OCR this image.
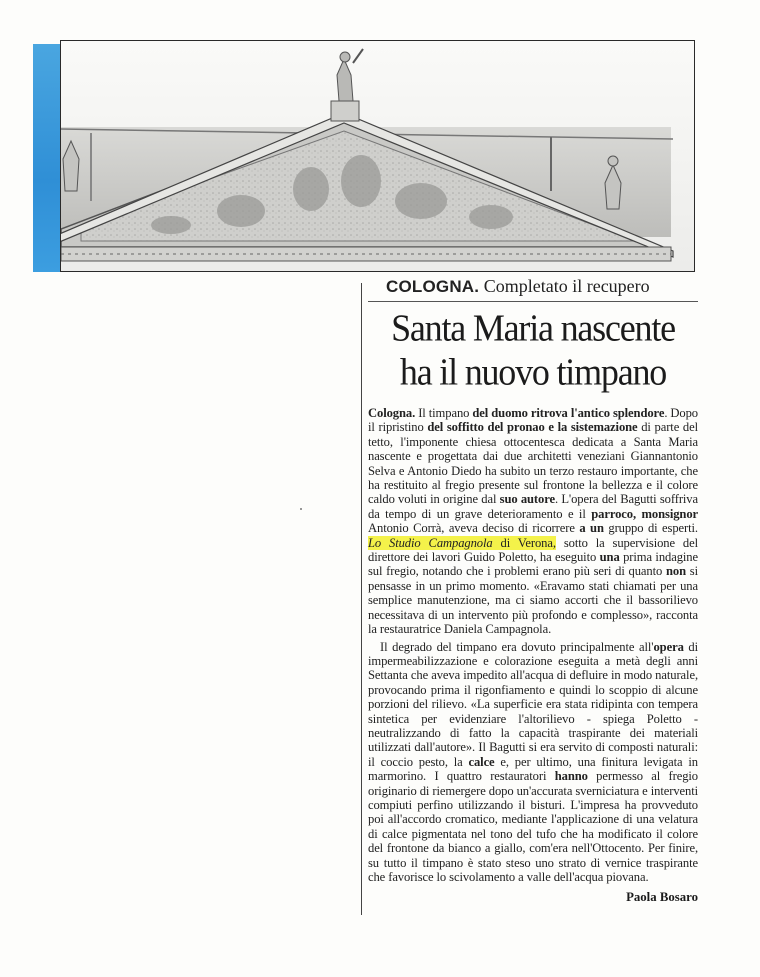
COLOGNA. Completato il recupero
Santa Maria nascente
ha il nuovo timpano

Cologna. Il timpano del duomo ritrova l'antico splendore. Dopo il ripristino del soffitto del pronao e la sistemazione di parte del tetto, l'imponente chiesa ottocentesca dedicata a Santa Maria nascente e progettata dai due architetti veneziani Giannantonio Selva e Antonio Diedo ha subito un terzo restauro importante, che ha restituito al fregio presente sul frontone la bellezza e il colore caldo voluti in origine dal suo autore. L'opera del Bagutti soffriva da tempo di un grave deterioramento e il parroco, monsignor Antonio Corrà, aveva deciso di ricorrere a un gruppo di esperti. Lo Studio Campagnola di Verona, sotto la supervisione del direttore dei lavori Guido Poletto, ha eseguito una prima indagine sul fregio, notando che i problemi erano più seri di quanto non si pensasse in un primo momento. «Eravamo stati chiamati per una semplice manutenzione, ma ci siamo accorti che il bassorilievo necessitava di un intervento più profondo e complesso», racconta la restauratrice Daniela Campagnola.

Il degrado del timpano era dovuto principalmente all'opera di impermeabilizzazione e colorazione eseguita a metà degli anni Settanta che aveva impedito all'acqua di defluire in modo naturale, provocando prima il rigonfiamento e quindi lo scoppio di alcune porzioni del rilievo. «La superficie era stata ridipinta con tempera sintetica per evidenziare l'altorilievo - spiega Poletto - neutralizzando di fatto la capacità traspirante dei materiali utilizzati dall'autore». Il Bagutti si era servito di composti naturali: il coccio pesto, la calce e, per ultimo, una finitura levigata in marmorino. I quattro restauratori hanno permesso al fregio originario di riemergere dopo un'accurata sverniciatura e interventi compiuti perfino utilizzando il bisturi. L'impresa ha provveduto poi all'accordo cromatico, mediante l'applicazione di una velatura di calce pigmentata nel tono del tufo che ha modificato il colore del frontone da bianco a giallo, com'era nell'Ottocento. Per finire, su tutto il timpano è stato steso uno strato di vernice traspirante che favorisce lo scivolamento a valle dell'acqua piovana.

Paola Bosaro
